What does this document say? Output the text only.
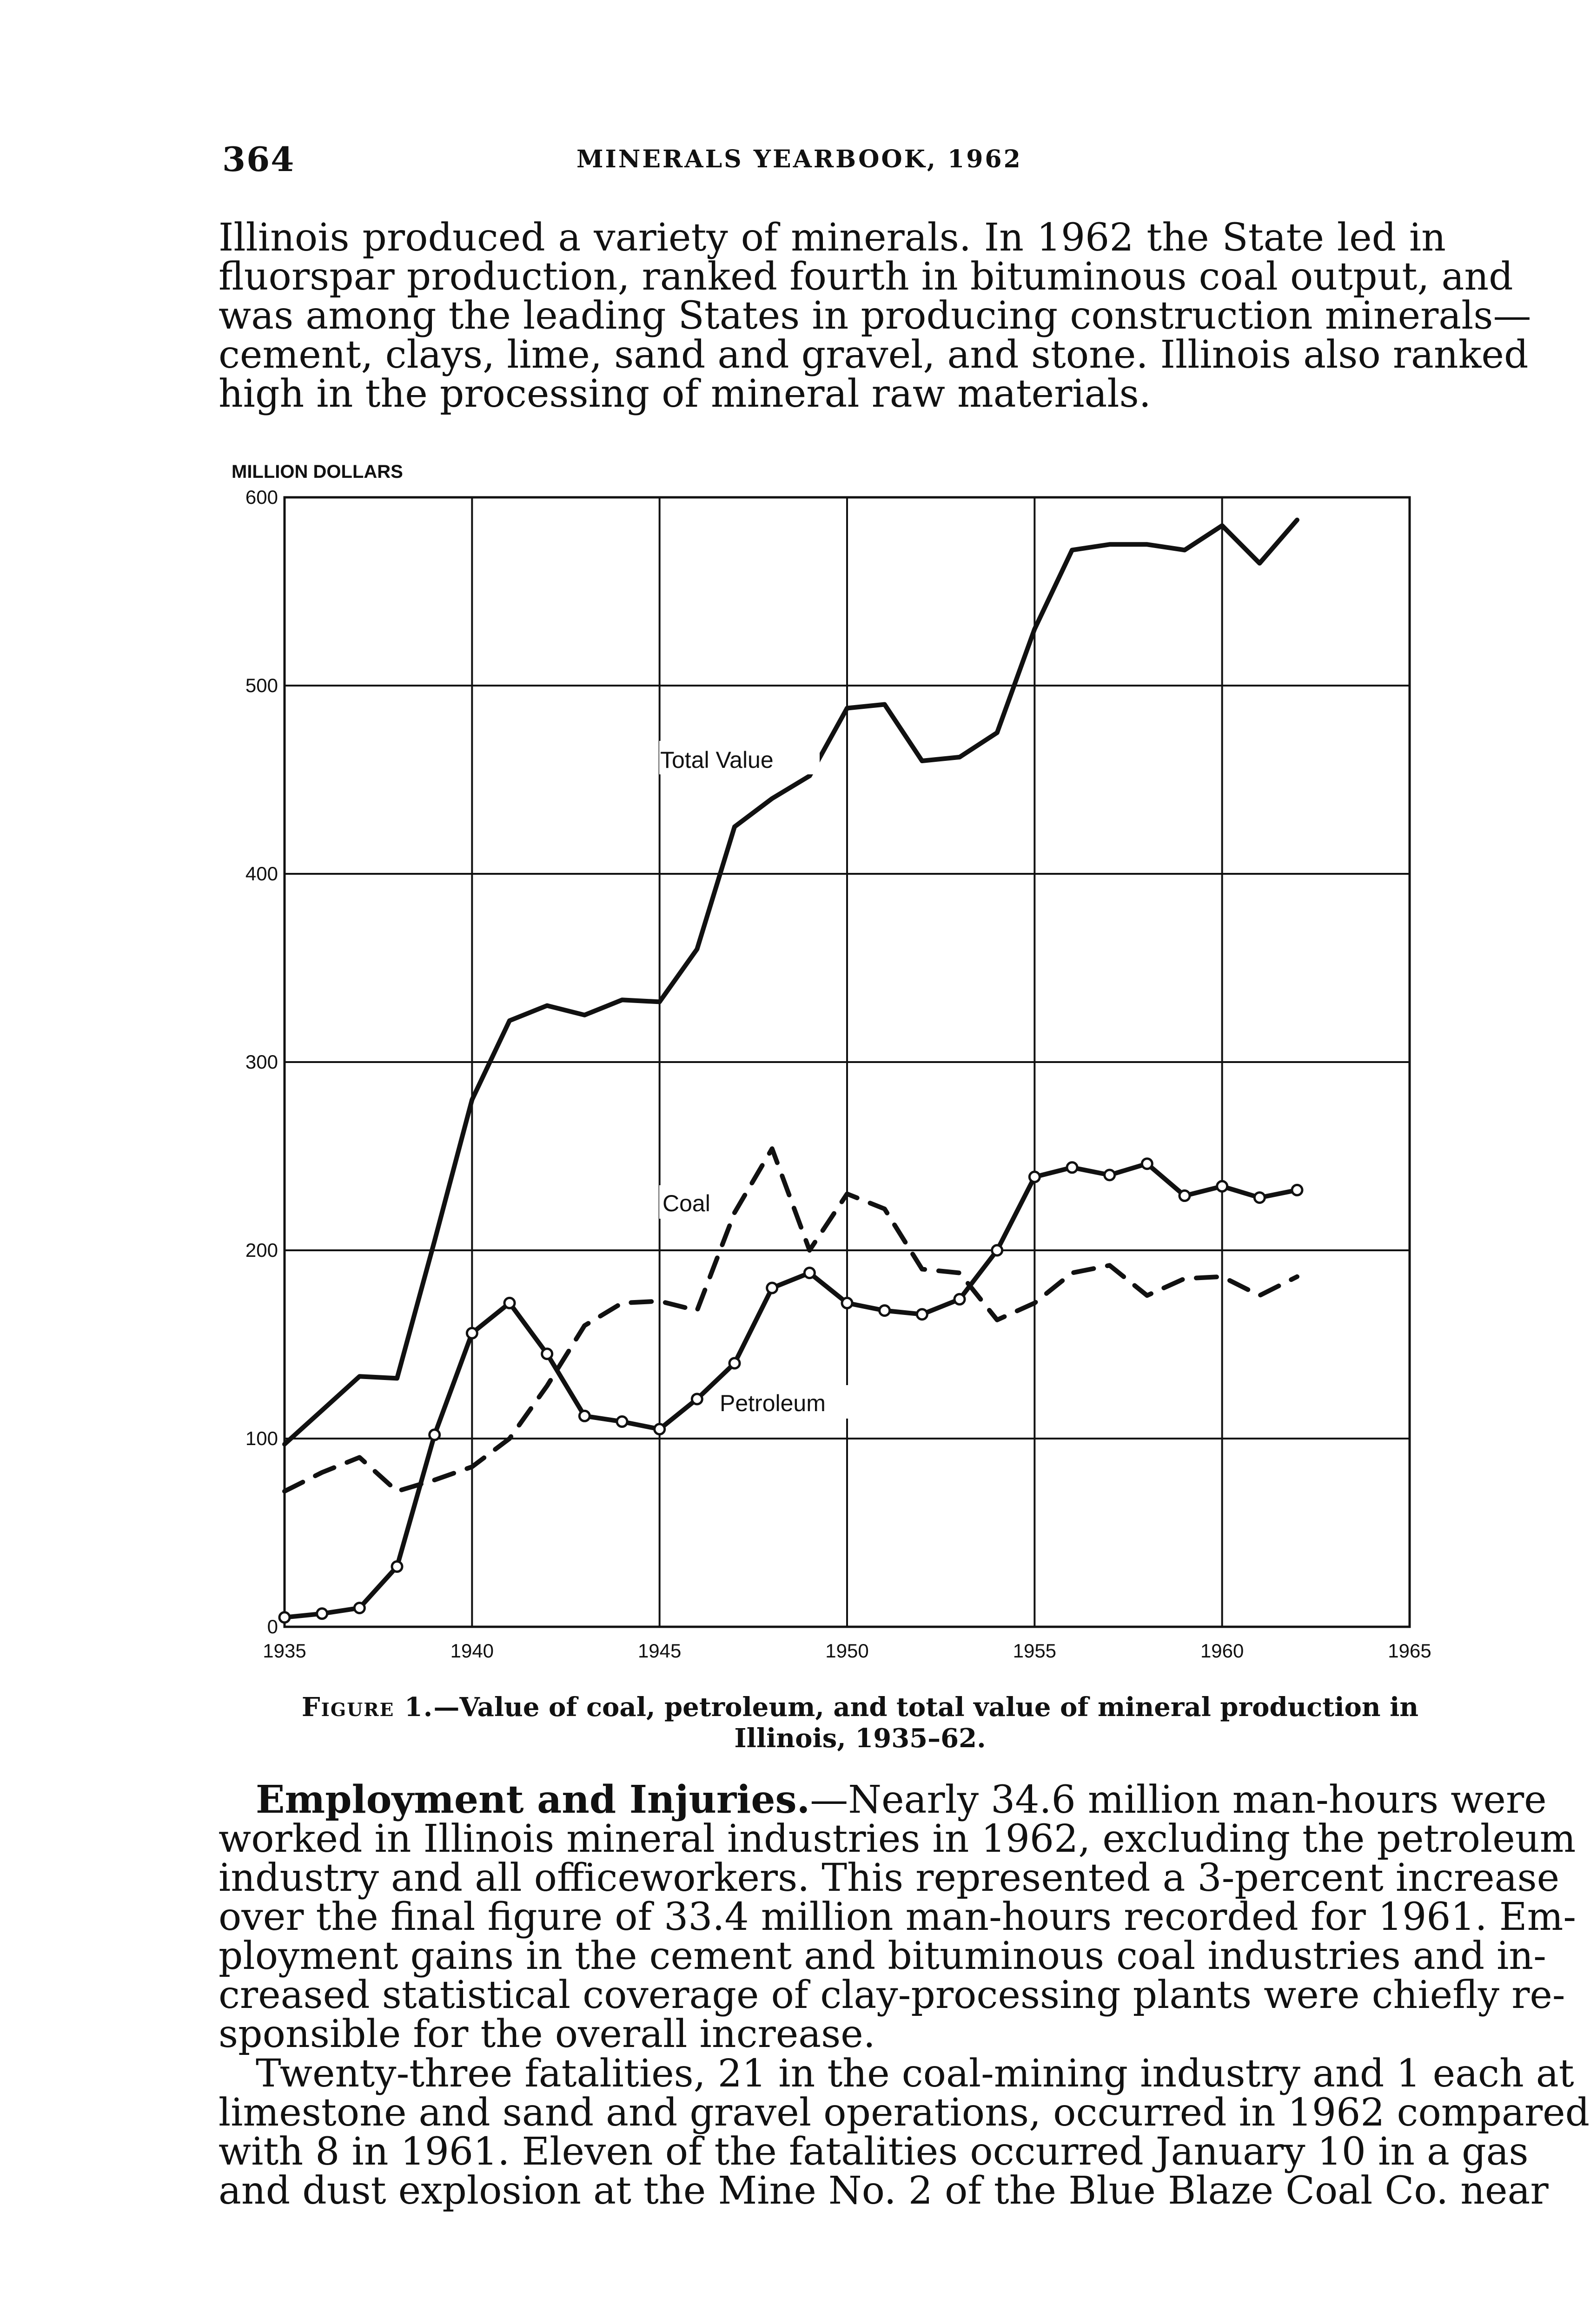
364	MINERALS YEARBOOK, 1962
Illinois produced a variety of minerals. In 1962 the State led in
fluorspar production, ranked fourth in bituminous coal output, and
was among the leading States in producing construction minerals—
cement, clays, lime, sand and gravel, and stone. Illinois also ranked
high in the processing of mineral raw materials.
MILLION DOLLARS
0
100
200
300
400
500
600
1935	1940	1945	1950	1955	1960	1965
Total Value
Coal
Petroleum
Figure 1.—Value of coal, petroleum, and total value of mineral production in Illinois, 1935–62.
Employment and Injuries.—Nearly 34.6 million man-hours were
worked in Illinois mineral industries in 1962, excluding the petroleum
industry and all officeworkers. This represented a 3-percent increase
over the final figure of 33.4 million man-hours recorded for 1961. Em-
ployment gains in the cement and bituminous coal industries and in-
creased statistical coverage of clay-processing plants were chiefly re-
sponsible for the overall increase.
Twenty-three fatalities, 21 in the coal-mining industry and 1 each at
limestone and sand and gravel operations, occurred in 1962 compared
with 8 in 1961. Eleven of the fatalities occurred January 10 in a gas
and dust explosion at the Mine No. 2 of the Blue Blaze Coal Co. near
